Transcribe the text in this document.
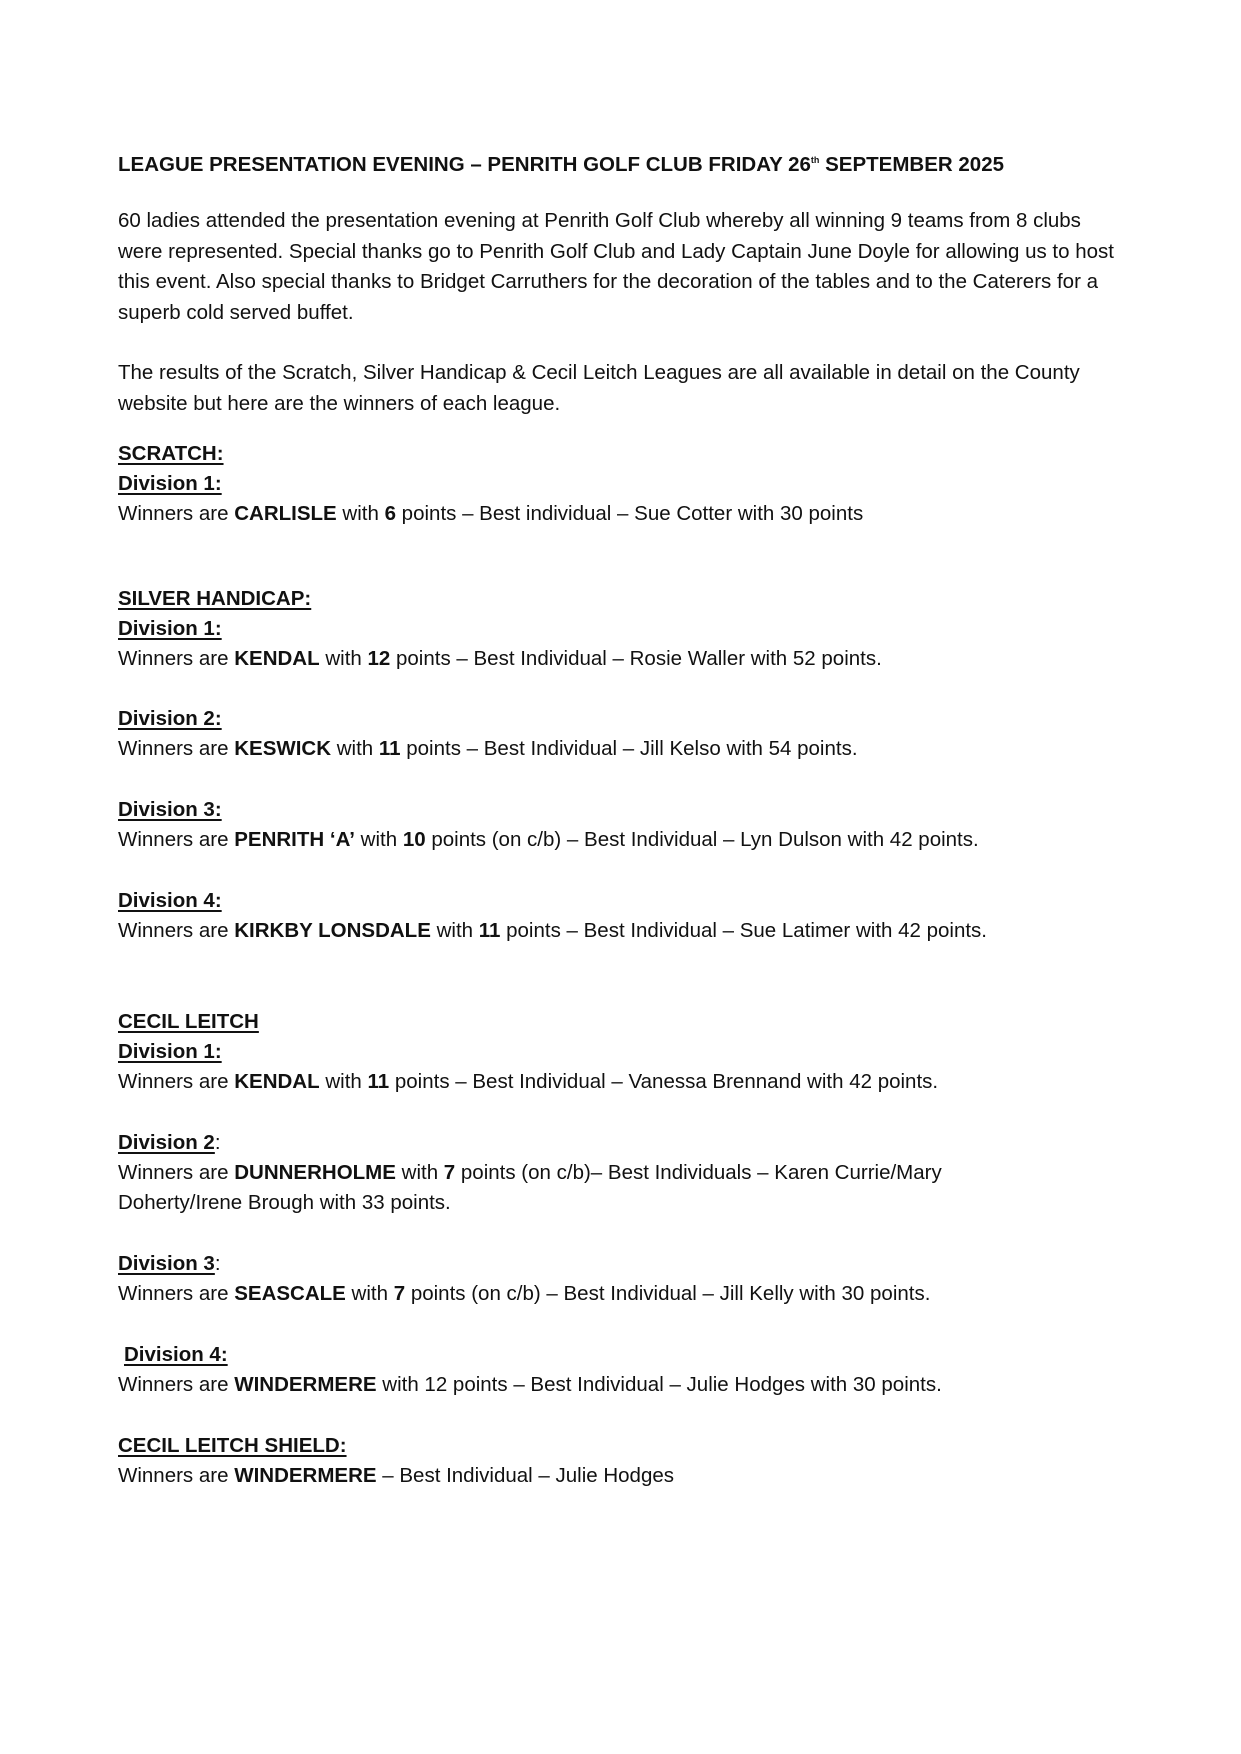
LEAGUE PRESENTATION EVENING – PENRITH GOLF CLUB FRIDAY 26th SEPTEMBER 2025
60 ladies attended the presentation evening at Penrith Golf Club whereby all winning 9 teams from 8 clubs were represented. Special thanks go to Penrith Golf Club and Lady Captain June Doyle for allowing us to host this event. Also special thanks to Bridget Carruthers for the decoration of the tables and to the Caterers for a superb cold served buffet.
The results of the Scratch, Silver Handicap & Cecil Leitch Leagues are all available in detail on the County website but here are the winners of each league.
SCRATCH:
Division 1:
Winners are CARLISLE with 6 points – Best individual – Sue Cotter with 30 points
SILVER HANDICAP:
Division 1:
Winners are KENDAL with 12 points – Best Individual – Rosie Waller with 52 points.
Division 2:
Winners are KESWICK with 11 points – Best Individual – Jill Kelso with 54 points.
Division 3:
Winners are PENRITH ‘A’ with 10 points (on c/b) – Best Individual – Lyn Dulson with 42 points.
Division 4:
Winners are KIRKBY LONSDALE with 11 points – Best Individual – Sue Latimer with 42 points.
CECIL LEITCH
Division 1:
Winners are KENDAL with 11 points – Best Individual – Vanessa Brennand with 42 points.
Division 2:
Winners are DUNNERHOLME with 7 points (on c/b)– Best Individuals – Karen Currie/Mary
Doherty/Irene Brough with 33 points.
Division 3:
Winners are SEASCALE with 7 points (on c/b) – Best Individual – Jill Kelly with 30 points.
Division 4:
Winners are WINDERMERE with 12 points – Best Individual – Julie Hodges with 30 points.
CECIL LEITCH SHIELD:
Winners are WINDERMERE – Best Individual – Julie Hodges
